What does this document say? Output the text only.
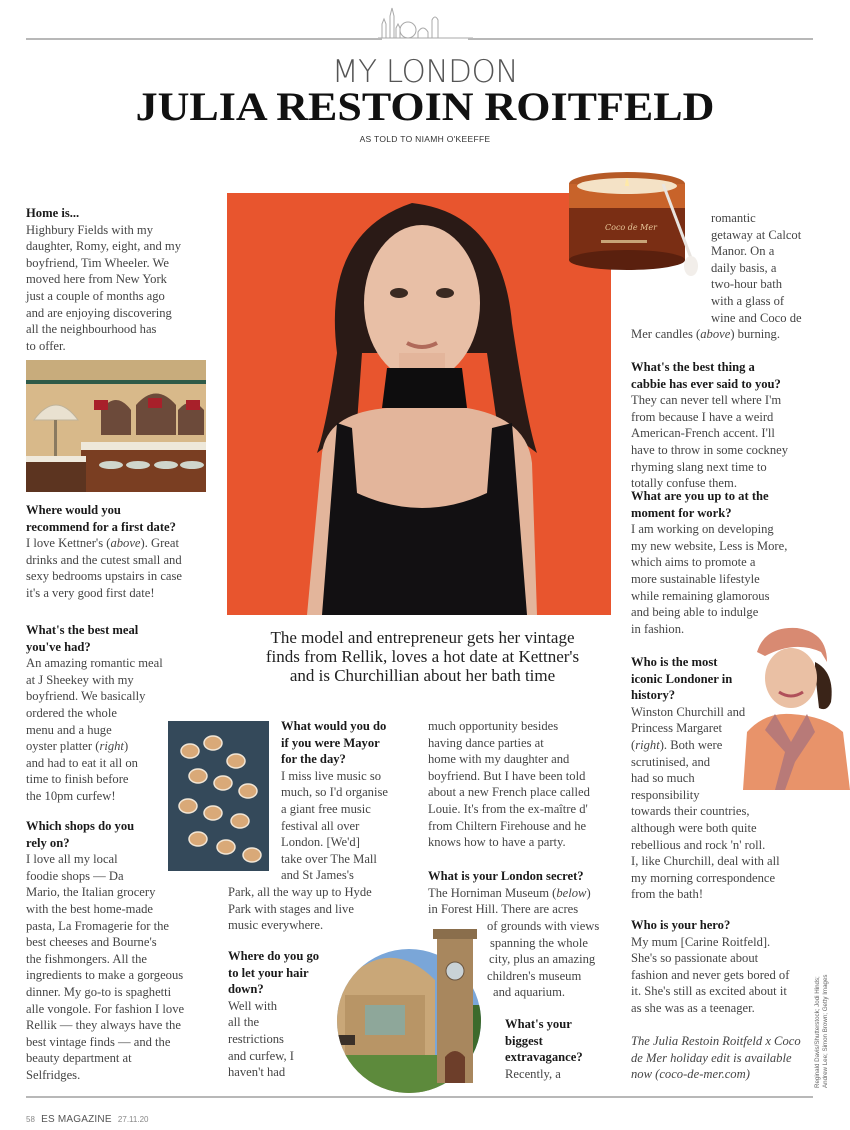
MY LONDON
JULIA RESTOIN ROITFELD
AS TOLD TO NIAMH O'KEEFFE
Home is...
Highbury Fields with my
daughter, Romy, eight, and my
boyfriend, Tim Wheeler. We
moved here from New York
just a couple of months ago
and are enjoying discovering
all the neighbourhood has
to offer.
Where would you
recommend for a first date?
I love Kettner's (above). Great
drinks and the cutest small and
sexy bedrooms upstairs in case
it's a very good first date!
What's the best meal
you've had?
An amazing romantic meal
at J Sheekey with my
boyfriend. We basically
ordered the whole
menu and a huge
oyster platter (right)
and had to eat it all on
time to finish before
the 10pm curfew!
Which shops do you
rely on?
I love all my local
foodie shops — Da
Mario, the Italian grocery
with the best home-made
pasta, La Fromagerie for the
best cheeses and Bourne's
the fishmongers. All the
ingredients to make a gorgeous
dinner. My go-to is spaghetti
alle vongole. For fashion I love
Rellik — they always have the
best vintage finds — and the
beauty department at
Selfridges.
The model and entrepreneur gets her vintage
finds from Rellik, loves a hot date at Kettner's
and is Churchillian about her bath time
What would you do
if you were Mayor
for the day?
I miss live music so
much, so I'd organise
a giant free music
festival all over
London. [We'd]
take over The Mall
and St James's
Park, all the way up to Hyde
Park with stages and live
music everywhere.
Where do you go
to let your hair
down?
Well with
all the
restrictions
and curfew, I
haven't had
much opportunity besides
having dance parties at
home with my daughter and
boyfriend. But I have been told
about a new French place called
Louie. It's from the ex-maître d'
from Chiltern Firehouse and he
knows how to have a party.
What is your London secret?
The Horniman Museum (below)
in Forest Hill. There are acres
of grounds with views
spanning the whole
city, plus an amazing
children's museum
and aquarium.
What's your
biggest
extravagance?
Recently, a
Coco de Mer
romantic
getaway at Calcot
Manor. On a
daily basis, a
two-hour bath
with a glass of
wine and Coco de
Mer candles (above) burning.
What's the best thing a
cabbie has ever said to you?
They can never tell where I'm
from because I have a weird
American-French accent. I'll
have to throw in some cockney
rhyming slang next time to
totally confuse them.
What are you up to at the
moment for work?
I am working on developing
my new website, Less is More,
which aims to promote a
more sustainable lifestyle
while remaining glamorous
and being able to indulge
in fashion.
Who is the most
iconic Londoner in
history?
Winston Churchill and
Princess Margaret
(right). Both were
scrutinised, and
had so much
responsibility
towards their countries,
although were both quite
rebellious and rock 'n' roll.
I, like Churchill, deal with all
my morning correspondence
from the bath!
Who is your hero?
My mum [Carine Roitfeld].
She's so passionate about
fashion and never gets bored of
it. She's still as excited about it
as she was as a teenager.
The Julia Restoin Roitfeld x Coco
de Mer holiday edit is available
now (coco-de-mer.com)	Reginald Davis/Shutterstock; Jodi Hinds; Andrew Lee; Simon Brown; Getty Images
58 ES MAGAZINE 27.11.20
